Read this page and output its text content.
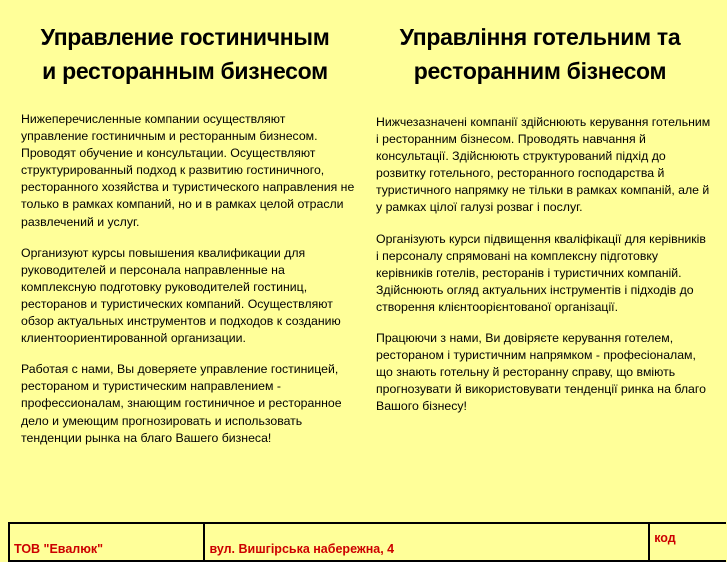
Управление гостиничным
и ресторанным бизнесом

Нижеперечисленные компании осуществляют управление гостиничным и ресторанным бизнесом. Проводят обучение и консультации. Осуществляют структурированный подход к развитию гостиничного, ресторанного хозяйства и туристического направления не только в рамках компаний, но и в рамках целой отрасли развлечений и услуг.

Организуют курсы повышения квалификации для руководителей и персонала направленные на комплексную подготовку руководителей гостиниц, ресторанов и туристических компаний. Осуществляют обзор актуальных инструментов и подходов к созданию клиентоориентированной организации.

Работая с нами, Вы доверяете управление гостиницей, рестораном и туристическим направлением - профессионалам, знающим гостиничное и ресторанное дело и умеющим прогнозировать и использовать тенденции рынка на благо Вашего бизнеса!

Управління готельним та
ресторанним бізнесом

Нижчезазначені компанії здійснюють керування готельним і ресторанним бізнесом. Проводять навчання й консультації. Здійснюють структурований підхід до розвитку готельного, ресторанного господарства й туристичного напрямку не тільки в рамках компаній, але й у рамках цілої галузі розваг і послуг.

Організують курси підвищення кваліфікації для керівників і персоналу спрямовані на комплексну підготовку керівників готелів, ресторанів і туристичних компаній. Здійснюють огляд актуальних інструментів і підходів до створення клієнтоорієнтованої організації.

Працюючи з нами, Ви довіряєте керування готелем, рестораном і туристичним напрямком - професіоналам, що знають готельну й ресторанну справу, що вміють прогнозувати й використовувати тенденції ринка на благо Вашого бізнесу!

ТОВ "Евалюк"	вул. Вишгірська набережна, 4
код
